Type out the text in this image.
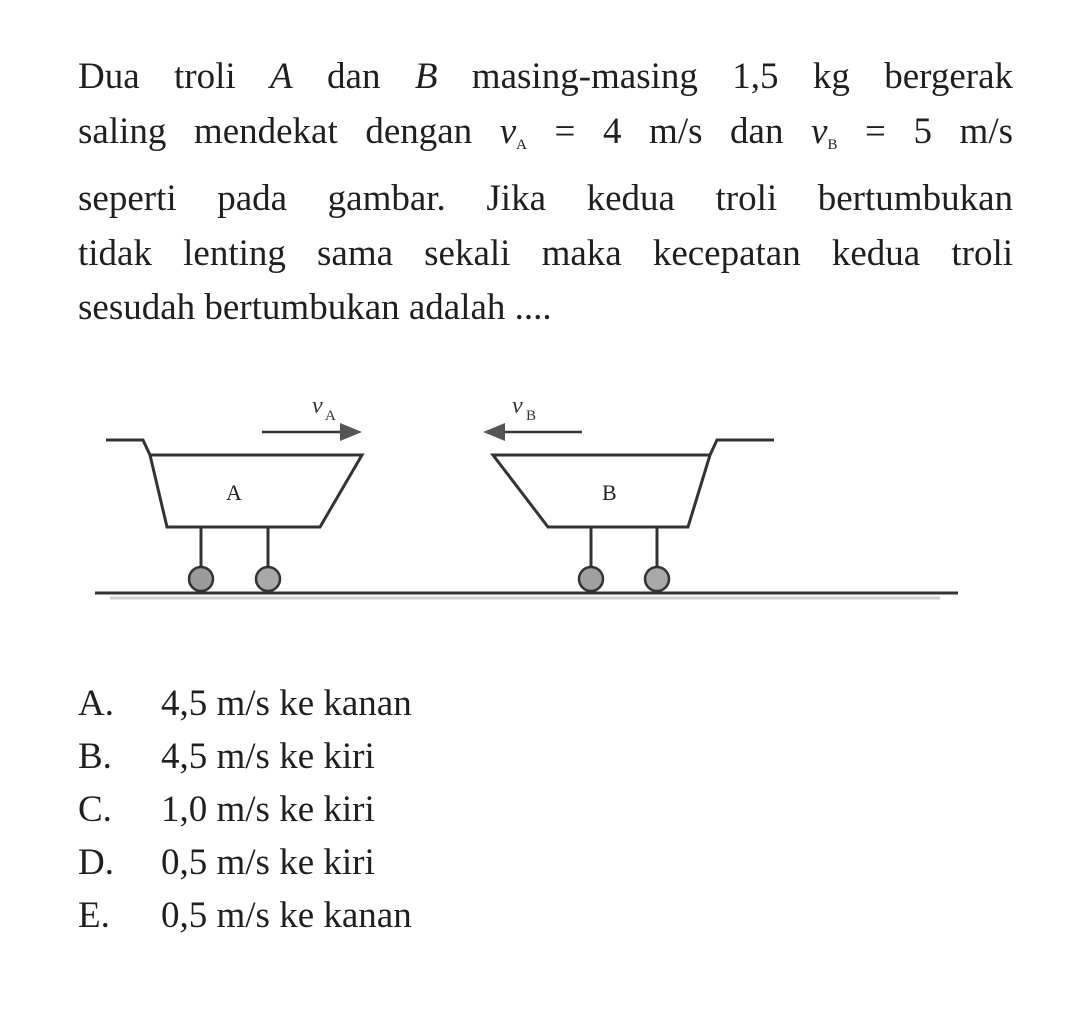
Dua troli A dan B masing-masing 1,5 kg bergerak
saling mendekat dengan $v_A = 4$ m/s dan $v_B = 5$ m/s
seperti pada gambar. Jika kedua troli bertumbukan
tidak lenting sama sekali maka kecepatan kedua troli
sesudah bertumbukan adalah ....
v A	v B
A	B
A.	4,5 m/s ke kanan
B.	4,5 m/s ke kiri
C.	1,0 m/s ke kiri
D.	0,5 m/s ke kiri
E.	0,5 m/s ke kanan
